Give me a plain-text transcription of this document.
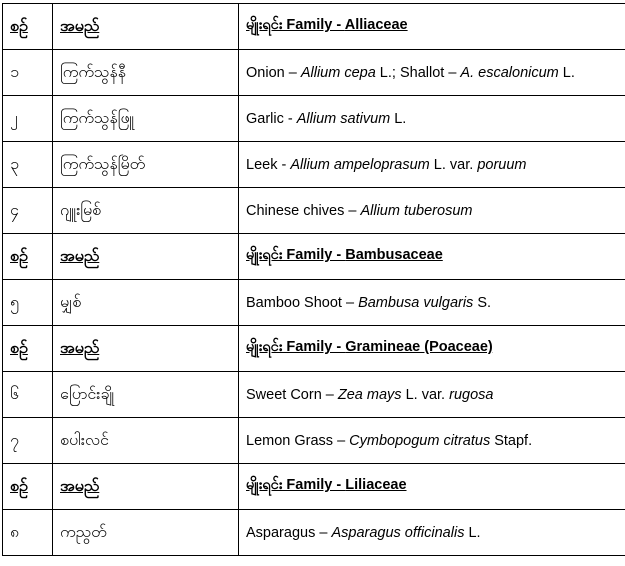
စဥ်	အမည်	မျိုးရင်း Family - Alliaceae
၁	ကြက်သွန်နီ	Onion – Allium cepa L.; Shallot – A. escalonicum L.
၂	ကြက်သွန်ဖြူ	Garlic - Allium sativum L.
၃	ကြက်သွန်မြိတ်	Leek - Allium ampeloprasum L. var. poruum
၄	ဂျူးမြစ်	Chinese chives – Allium tuberosum
စဥ်	အမည်	မျိုးရင်း Family - Bambusaceae
၅	မျှစ်	Bamboo Shoot – Bambusa vulgaris S.
စဥ်	အမည်	မျိုးရင်း Family - Gramineae (Poaceae)
၆	ပြောင်းချို	Sweet Corn – Zea mays L. var. rugosa
၇	စပါးလင်	Lemon Grass – Cymbopogum citratus Stapf.
စဥ်	အမည်	မျိုးရင်း Family - Liliaceae
၈	ကညွတ်	Asparagus – Asparagus officinalis L.
